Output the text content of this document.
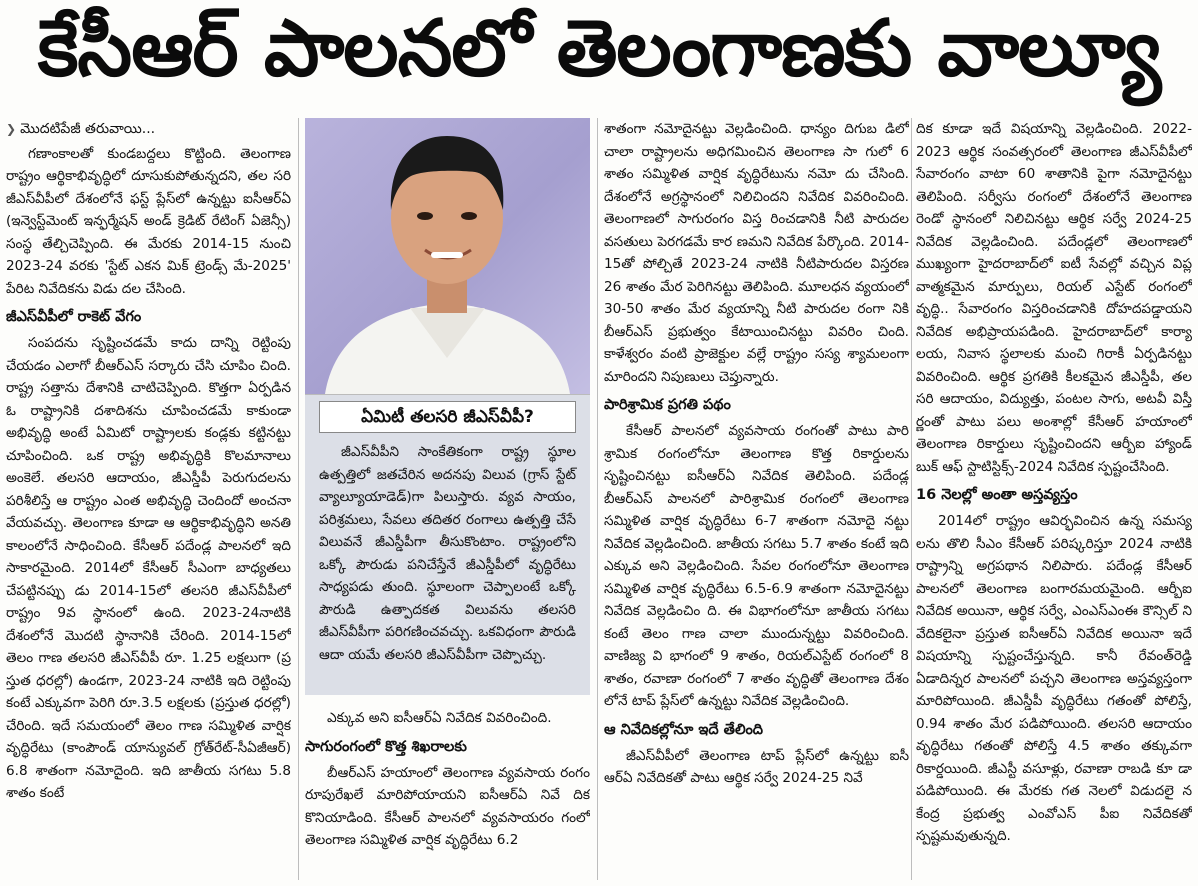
కేసీఆర్ పాలనలో తెలంగాణకు వాల్యూ
❯ మొదటిపేజీ తరువాయి...

గణాంకాలతో కుండబద్దలు కొట్టింది. తెలంగాణ రాష్ట్రం ఆర్థికాభివృద్ధిలో దూసుకుపోతున్నదని, తల సరి జీఎస్‌వీపీలో దేశంలోనే ఫస్ట్ ప్లేస్‌లో ఉన్నట్టు ఐసీఆర్ఏ (ఇన్వెస్ట్‌మెంట్ ఇన్ఫర్మేషన్ అండ్ క్రెడిట్ రేటింగ్ ఏజెన్సీ) సంస్థ తేల్చిచెప్పింది. ఈ మేరకు 2014-15 నుంచి 2023-24 వరకు 'స్టేట్ ఎకన మిక్ ట్రెండ్స్ మే-2025' పేరిట నివేదికను విడు దల చేసింది.

జీఎస్‌వీపీలో రాకెట్ వేగం

సంపదను సృష్టించడమే కాదు దాన్ని రెట్టింపు చేయడం ఎలాగో బీఆర్ఎస్ సర్కారు చేసి చూపిం చింది. రాష్ట్ర సత్తాను దేశానికి చాటిచెప్పింది. కొత్తగా ఏర్పడిన ఓ రాష్ట్రానికి దశాదిశను చూపించడమే కాకుండా అభివృద్ధి అంటే ఏమిటో రాష్ట్రాలకు కండ్లకు కట్టినట్టు చూపించింది. ఒక రాష్ట్ర అభివృద్ధికి కొలమానాలు అంకెలే. తలసరి ఆదాయం, జీఎస్డీపీ పెరుగుదలను పరిశీలిస్తే ఆ రాష్ట్రం ఎంత అభివృద్ధి చెందిందో అంచనా వేయవచ్చు. తెలంగాణ కూడా ఆ ఆర్థికాభివృద్ధిని అనతి కాలంలోనే సాధించింది. కేసీఆర్ పదేండ్ల పాలనలో ఇది సాకారమైంది. 2014లో కేసీఆర్ సీఎంగా బాధ్యతలు చేపట్టినప్పు డు 2014-15లో తలసరి జీఎస్‌వీపీలో రాష్ట్రం 9వ స్థానంలో ఉంది. 2023-24నాటికి దేశంలోనే మొదటి స్థానానికి చేరింది. 2014-15లో తెలం గాణ తలసరి జీఎస్‌వీపీ రూ. 1.25 లక్షలుగా (ప్ర స్తుత ధరల్లో) ఉండగా, 2023-24 నాటికి ఇది రెట్టింపు కంటే ఎక్కువగా పెరిగి రూ.3.5 లక్షలకు (ప్రస్తుత ధరల్లో) చేరింది. ఇదే సమయంలో తెలం గాణ సమ్మిళిత వార్షిక వృద్ధిరేటు (కాంపౌండ్ యాన్యువల్ గ్రోత్‌రేట్-సీఏజీఆర్) 6.8 శాతంగా నమోదైంది. ఇది జాతీయ సగటు 5.8 శాతం కంటే

ఏమిటీ తలసరి జీఎస్‌వీపీ?

జీఎస్‌వీపీని సాంకేతికంగా రాష్ట్ర స్థూల ఉత్పత్తిలో జతచేరిన అదనపు విలువ (గ్రాస్ స్టేట్ వ్యాల్యూయాడెడ్)గా పిలుస్తారు. వ్యవ సాయం, పరిశ్రమలు, సేవలు తదితర రంగాలు ఉత్పత్తి చేసే విలువనే జీఎస్డీపీగా తీసుకొంటాం. రాష్ట్రంలోని ఒక్కో పౌరుడు పనిచేస్తేనే జీఎస్డీపీలో వృద్ధిరేటు సాధ్యపడు తుంది. స్థూలంగా చెప్పాలంటే ఒక్కో పౌరుడి ఉత్పాదకత విలువను తలసరి జీఎస్‌వీపీగా పరిగణించవచ్చు. ఒకవిధంగా పౌరుడి ఆదా యమే తలసరి జీఎస్‌వీపీగా చెప్పొచ్చు.

ఎక్కువ అని ఐసీఆర్ఏ నివేదిక వివరించింది.

సాగురంగంలో కొత్త శిఖరాలకు

బీఆర్ఎస్ హయాంలో తెలంగాణ వ్యవసాయ రంగం రూపురేఖలే మారిపోయాయని ఐసీఆర్ఏ నివే దిక కొనియాడింది. కేసీఆర్ పాలనలో వ్యవసాయరం గంలో తెలంగాణ సమ్మిళిత వార్షిక వృద్ధిరేటు 6.2

శాతంగా నమోదైనట్టు వెల్లడించింది. ధాన్యం దిగుబ డిలో చాలా రాష్ట్రాలను అధిగమించిన తెలంగాణ సా గులో 6 శాతం సమ్మిళిత వార్షిక వృద్ధిరేటును నమో దు చేసింది. దేశంలోనే అగ్రస్థానంలో నిలిచిందని నివేదిక వివరించింది. తెలంగాణలో సాగురంగం విస్త రించడానికి నీటి పారుదల వసతులు పెరగడమే కార ణమని నివేదిక పేర్కొంది. 2014-15తో పోల్చితే 2023-24 నాటికి నీటిపారుదల విస్తరణ 26 శాతం మేర పెరిగినట్టు తెలిపింది. మూలధన వ్యయంలో 30-50 శాతం మేర వ్యయాన్ని నీటి పారుదల రంగా నికి బీఆర్ఎస్ ప్రభుత్వం కేటాయించినట్టు వివరిం చింది. కాళేశ్వరం వంటి ప్రాజెక్టుల వల్లే రాష్ట్రం సస్య శ్యామలంగా మారిందని నిపుణులు చెప్తున్నారు.

పారిశ్రామిక ప్రగతి పథం

కేసీఆర్ పాలనలో వ్యవసాయ రంగంతో పాటు పారి శ్రామిక రంగంలోనూ తెలంగాణ కొత్త రికార్డులను సృష్టించినట్టు ఐసీఆర్ఏ నివేదిక తెలిపింది. పదేండ్ల బీఆర్ఎస్ పాలనలో పారిశ్రామిక రంగంలో తెలంగాణ సమ్మిళిత వార్షిక వృద్ధిరేటు 6-7 శాతంగా నమోదై నట్టు నివేదిక వెల్లడించింది. జాతీయ సగటు 5.7 శాతం కంటే ఇది ఎక్కువ అని వెల్లడించింది. సేవల రంగంలోనూ తెలంగాణ సమ్మిళిత వార్షిక వృద్ధిరేటు 6.5-6.9 శాతంగా నమోదైనట్టు నివేదిక వెల్లడించిం ది. ఈ విభాగంలోనూ జాతీయ సగటు కంటే తెలం గాణ చాలా ముందున్నట్టు వివరించింది. వాణిజ్య వి భాగంలో 9 శాతం, రియల్‌ఎస్టేట్ రంగంలో 8 శాతం, రవాణా రంగంలో 7 శాతం వృద్ధితో తెలంగాణ దేశం లోనే టాప్ ప్లేస్‌లో ఉన్నట్టు నివేదిక వెల్లడించింది.

ఆ నివేదికల్లోనూ ఇదే తేలింది

జీఎస్‌వీపీలో తెలంగాణ టాప్ ప్లేస్‌లో ఉన్నట్టు ఐసీ ఆర్ఏ నివేదికతో పాటు ఆర్థిక సర్వే 2024-25 నివే

దిక కూడా ఇదే విషయాన్ని వెల్లడించింది. 2022-2023 ఆర్థిక సంవత్సరంలో తెలంగాణ జీఎస్‌వీపీలో సేవారంగం వాటా 60 శాతానికి పైగా నమోదైనట్టు తెలిపింది. సర్వీసు రంగంలో దేశంలోనే తెలంగాణ రెండో స్థానంలో నిలిచినట్టు ఆర్థిక సర్వే 2024-25 నివేదిక వెల్లడించింది. పదేండ్లలో తెలంగాణలో ముఖ్యంగా హైదరాబాద్‌లో ఐటీ సేవల్లో వచ్చిన విప్ల వాత్మకమైన మార్పులు, రియల్ ఎస్టేట్ రంగంలో వృద్ధి.. సేవారంగం విస్తరించడానికి దోహదపడ్డాయని నివేదిక అభిప్రాయపడింది. హైదరాబాద్‌లో కార్యా లయ, నివాస స్థలాలకు మంచి గిరాకీ ఏర్పడినట్టు వివరించింది. ఆర్థిక ప్రగతికి కీలకమైన జీఎస్డీపీ, తల సరి ఆదాయం, విద్యుత్తు, పంటల సాగు, అటవీ విస్తీ ర్ణంతో పాటు పలు అంశాల్లో కేసీఆర్ హయాంలో తెలంగాణ రికార్డులు సృష్టించిందని ఆర్బీఐ హ్యాండ్ బుక్ ఆఫ్ స్టాటిస్టిక్స్-2024 నివేదిక స్పష్టంచేసింది.

16 నెలల్లో అంతా అస్తవ్యస్తం

2014లో రాష్ట్రం ఆవిర్భవించిన ఉన్న సమస్య లను తొలి సీఎం కేసీఆర్ పరిష్కరిస్తూ 2024 నాటికి రాష్ట్రాన్ని అగ్రపథాన నిలిపారు. పదేండ్ల కేసీఆర్ పాలనలో తెలంగాణ బంగారమయమైంది. ఆర్బీఐ నివేదిక అయినా, ఆర్థిక సర్వే, ఎంఎస్ఎంఈ కౌన్సిల్ ని వేదికలైనా ప్రస్తుత ఐసీఆర్ఏ నివేదిక అయినా ఇదే విషయాన్ని స్పష్టంచేస్తున్నది. కానీ రేవంత్‌రెడ్డి ఏడాదిన్నర పాలనలో పచ్చని తెలంగాణ అస్తవ్యస్తంగా మారిపోయింది. జీఎస్డీపీ వృద్ధిరేటు గతంతో పోలిస్తే, 0.94 శాతం మేర పడిపోయింది. తలసరి ఆదాయం వృద్ధిరేటు గతంతో పోలిస్తే 4.5 శాతం తక్కువగా రికార్డయింది. జీఎస్టీ వసూళ్లు, రవాణా రాబడి కూ డా పడిపోయింది. ఈ మేరకు గత నెలలో విడుదలై న కేంద్ర ప్రభుత్వ ఎంవోఎస్ పీఐ నివేదికతో స్పష్టమవుతున్నది.
